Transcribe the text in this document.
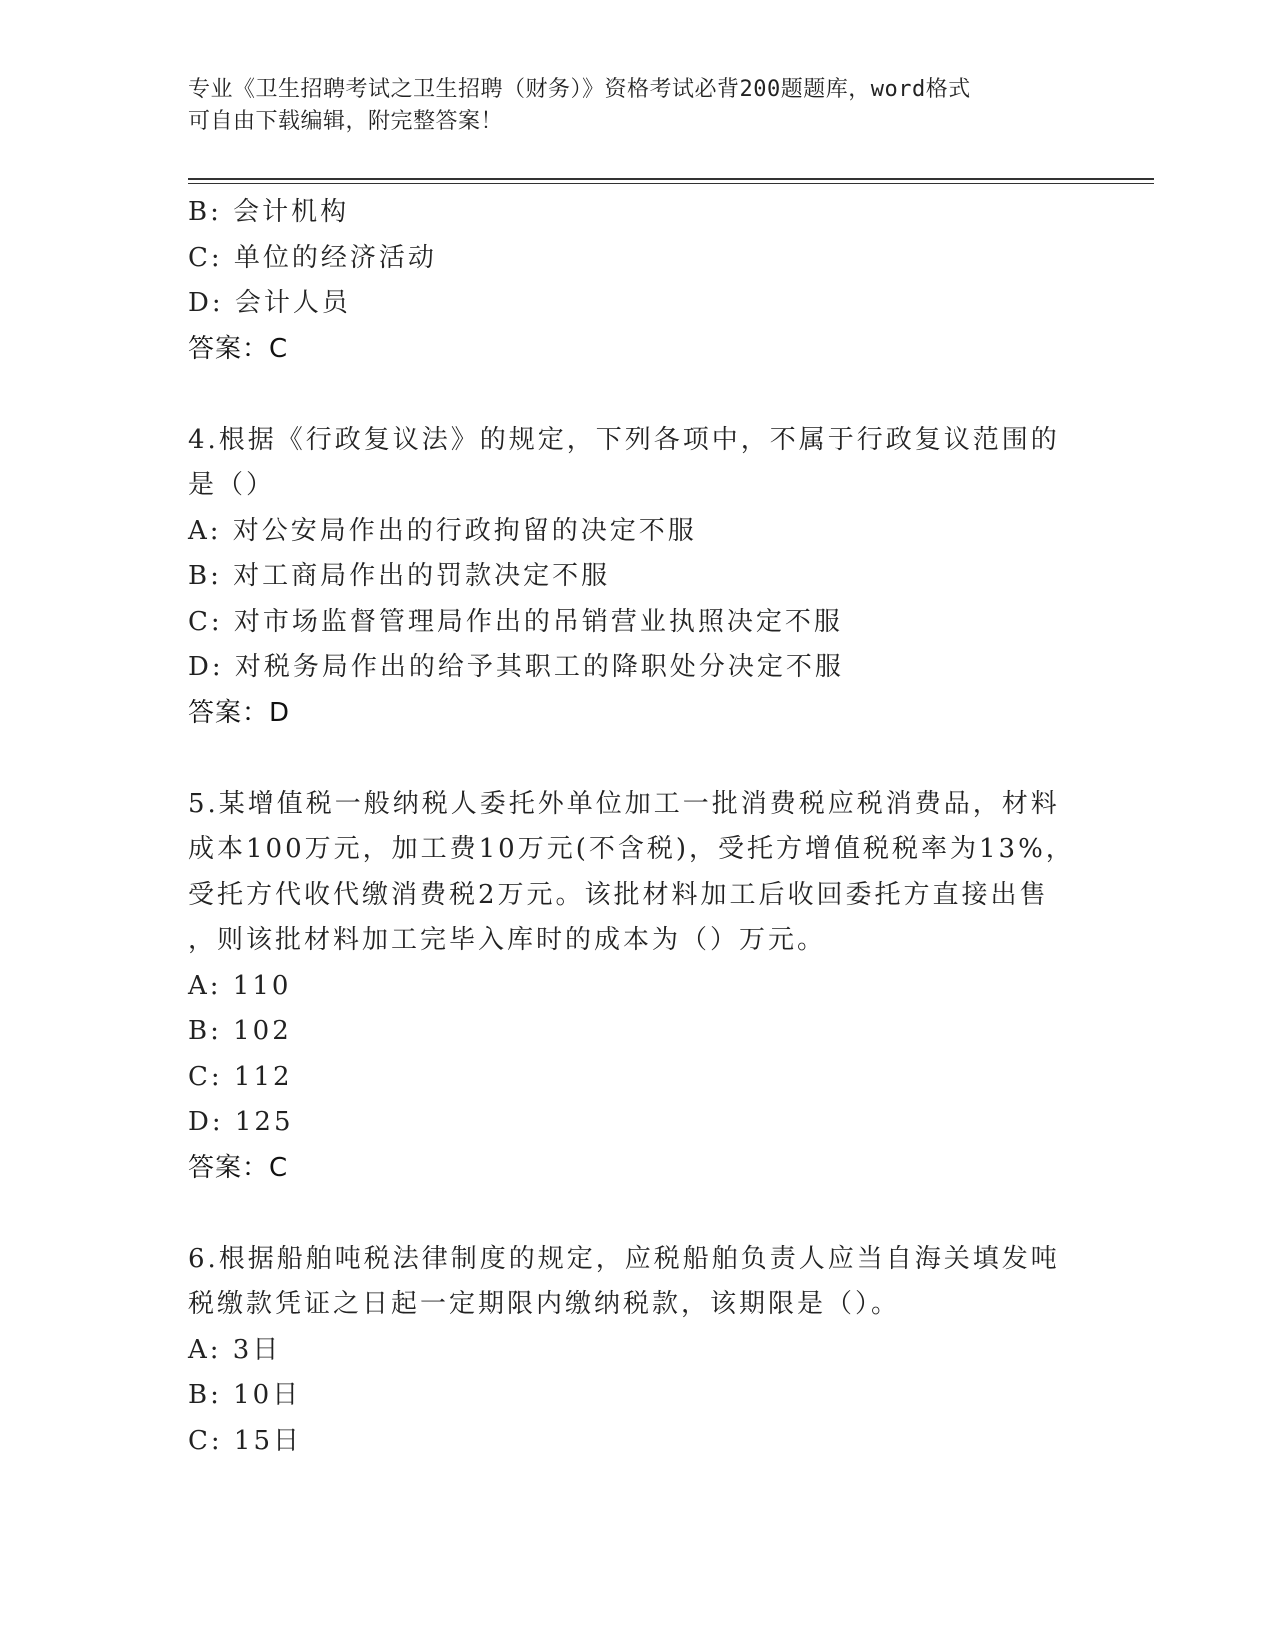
专业《卫生招聘考试之卫生招聘（财务）》资格考试必背200题题库，word格式
可自由下载编辑，附完整答案！
B: 会计机构
C: 单位的经济活动
D: 会计人员
答案：C
4.根据《行政复议法》的规定，下列各项中，不属于行政复议范围的
是（）
A: 对公安局作出的行政拘留的决定不服
B: 对工商局作出的罚款决定不服
C: 对市场监督管理局作出的吊销营业执照决定不服
D: 对税务局作出的给予其职工的降职处分决定不服
答案：D
5.某增值税一般纳税人委托外单位加工一批消费税应税消费品，材料
成本100万元，加工费10万元(不含税)，受托方增值税税率为13%，
受托方代收代缴消费税2万元。该批材料加工后收回委托方直接出售
，则该批材料加工完毕入库时的成本为（）万元。
A: 110
B: 102
C: 112
D: 125
答案：C
6.根据船舶吨税法律制度的规定，应税船舶负责人应当自海关填发吨
税缴款凭证之日起一定期限内缴纳税款，该期限是（）。
A: 3日
B: 10日
C: 15日
